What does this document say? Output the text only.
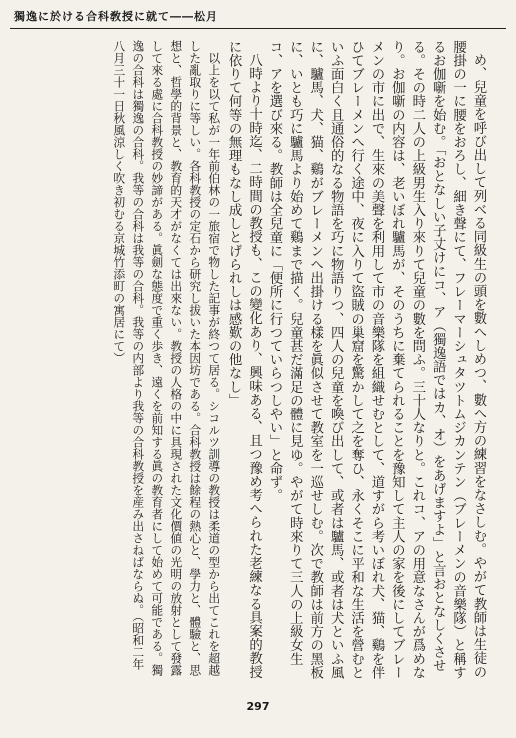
獨逸に於ける合科敎授に就て――松月

め、兒童を呼び出して列べる同級生の頭を數へしめつ、數へ方の練習をなさしむ。やがて教師は生徒の腰掛の一に腰をおろし、細き聲にて、フレーマーシュタツトムジカンテン（ブレーメンの音樂隊）と稱するお伽噺を始む。「おとなしい子丈けにコ、ア（獨逸語ではカ、オ）をあげますよ」と言おとなしくさせる。その時二人の上級男生入り來りて兒童の數を問ふ。三十人なりと。これコ、アの用意なさんが爲めなり。お伽噺の内容は、老いぼれ驢馬が、そのうちに棄てられることを豫知して主人の家を後にしてブレーメンの市に出で、生來の美聲を利用して市の音樂隊を組織せむとして、道すがら考いぼれ犬、猫、鷄を伴ひてブレーメンへ行く途中、夜に入りて盜賊の巢窟を驚かして之を奪ひ、永くそこに平和な生活を營むといふ面白く且通俗的なる物語を巧に物語りつ、四人の兒童を喚び出して、或者は驢馬、或者は犬といふ風に、驢馬、犬、猫、鷄がブレーメンへ出掛ける樣を眞似させて教室を一巡せしむ。次で教師は前方の黑板に、いとも巧に驢馬より始めて鷄まで描く。兒童甚だ滿足の體に見ゆ。やがて時來りて三人の上級女生コ、アを選び來る。教師は全兒童に「便所に行つていらつしやい」と命ず。

八時より十時迄、二時間の教授も、この變化あり、興味ある、且つ豫め考へられた老練なる具案的教授に依りて何等の無理もなし成しとげられしは感歎の他なし」

以上を以て私が一年前伯林の一旅宿で物した記事が終つて居る。シコルツ訓導の教授は柔道の型から出てこれを超越した亂取りに等しい。各科教授の定石から研究し拔いた本因坊である。合科教授は餘程の熱心と、學力と、體驗と、思想と、哲學的背景と、教育的天才がなくては出來ない。教授の人格の中に具現された文化價値の光明の放射として發露して來る處に合科教授の妙諦がある。眞劍な態度で重く歩き、遠くを前知する眞の教育者にして始めて可能である。獨逸の合科は獨逸の合科。我等の合科は我等の合科。我等の内部より我等の合科教授を産み出さねばならぬ。（昭和二年八月三十一日秋風涼しく吹き初むる京城竹添町の寓居にて）

297
